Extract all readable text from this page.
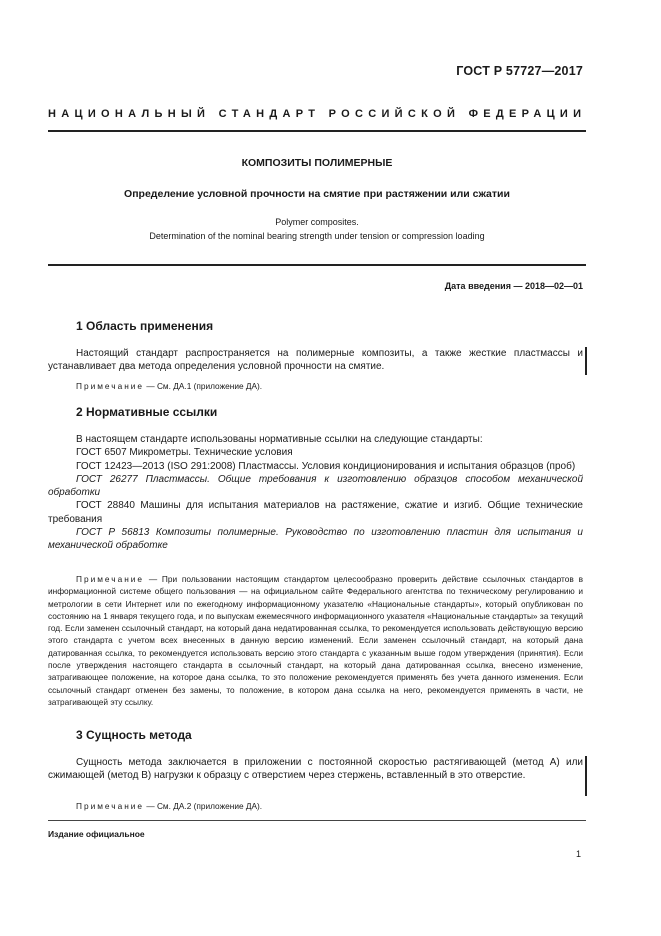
ГОСТ Р 57727—2017
НАЦИОНАЛЬНЫЙ СТАНДАРТ РОССИЙСКОЙ ФЕДЕРАЦИИ
КОМПОЗИТЫ ПОЛИМЕРНЫЕ
Определение условной прочности на смятие при растяжении или сжатии
Polymer composites.
Determination of the nominal bearing strength under tension or compression loading
Дата введения — 2018—02—01
1 Область применения
Настоящий стандарт распространяется на полимерные композиты, а также жесткие пластмассы и устанавливает два метода определения условной прочности на смятие.
Примечание — См. ДА.1 (приложение ДА).
2 Нормативные ссылки
В настоящем стандарте использованы нормативные ссылки на следующие стандарты:
ГОСТ 6507 Микрометры. Технические условия
ГОСТ 12423—2013 (ISO 291:2008) Пластмассы. Условия кондиционирования и испытания образцов (проб)
ГОСТ 26277 Пластмассы. Общие требования к изготовлению образцов способом механической обработки
ГОСТ 28840 Машины для испытания материалов на растяжение, сжатие и изгиб. Общие технические требования
ГОСТ Р 56813 Композиты полимерные. Руководство по изготовлению пластин для испытания и механической обработке
Примечание — При пользовании настоящим стандартом целесообразно проверить действие ссылочных стандартов в информационной системе общего пользования — на официальном сайте Федерального агентства по техническому регулированию и метрологии в сети Интернет или по ежегодному информационному указателю «Национальные стандарты», который опубликован по состоянию на 1 января текущего года, и по выпускам ежемесячного информационного указателя «Национальные стандарты» за текущий год. Если заменен ссылочный стандарт, на который дана недатированная ссылка, то рекомендуется использовать действующую версию этого стандарта с учетом всех внесенных в данную версию изменений. Если заменен ссылочный стандарт, на который дана датированная ссылка, то рекомендуется использовать версию этого стандарта с указанным выше годом утверждения (принятия). Если после утверждения настоящего стандарта в ссылочный стандарт, на который дана датированная ссылка, внесено изменение, затрагивающее положение, на которое дана ссылка, то это положение рекомендуется применять без учета данного изменения. Если ссылочный стандарт отменен без замены, то положение, в котором дана ссылка на него, рекомендуется применять в части, не затрагивающей эту ссылку.
3 Сущность метода
Сущность метода заключается в приложении с постоянной скоростью растягивающей (метод А) или сжимающей (метод В) нагрузки к образцу с отверстием через стержень, вставленный в это отверстие.
Примечание — См. ДА.2 (приложение ДА).
Издание официальное
1
